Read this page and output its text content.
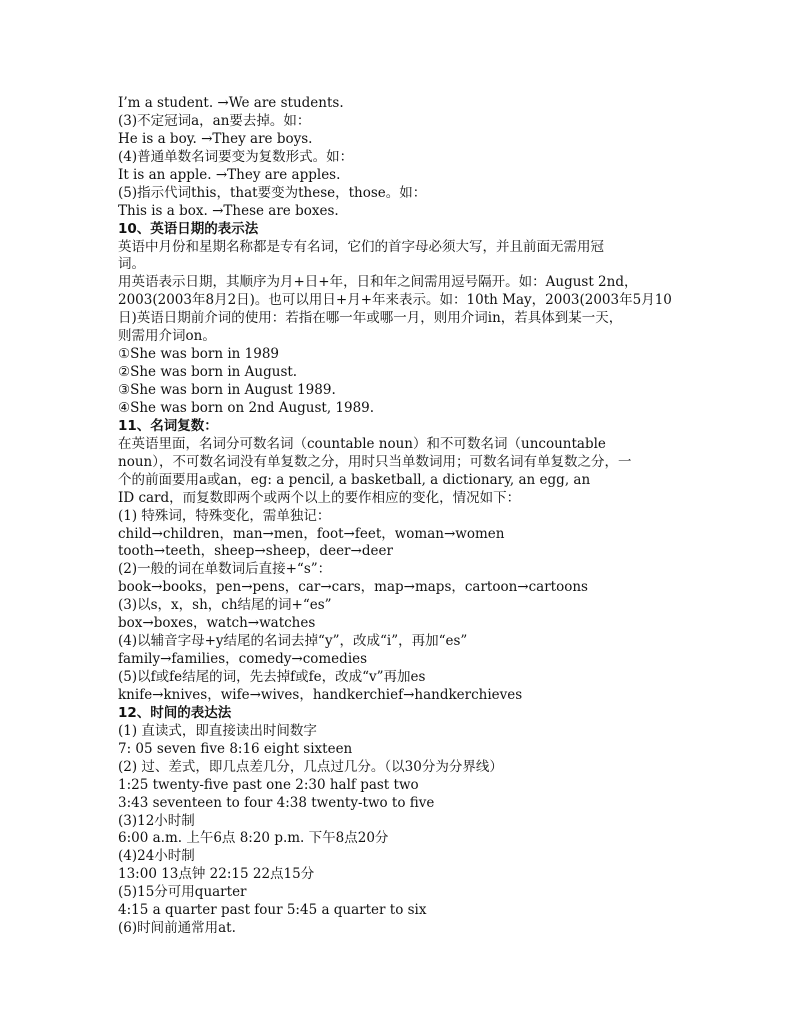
I’m a student. →We are students.
(3)不定冠词a，an要去掉。如：
He is a boy. →They are boys.
(4)普通单数名词要变为复数形式。如：
It is an apple. →They are apples.
(5)指示代词this，that要变为these，those。如：
This is a box. →These are boxes.
10、英语日期的表示法
英语中月份和星期名称都是专有名词，它们的首字母必须大写，并且前面无需用冠
词。
用英语表示日期，其顺序为月+日+年，日和年之间需用逗号隔开。如：August 2nd，
2003(2003年8月2日)。也可以用日+月+年来表示。如：10th May，2003(2003年5月10
日)英语日期前介词的使用：若指在哪一年或哪一月，则用介词in，若具体到某一天，
则需用介词on。
①She was born in 1989
②She was born in August.
③She was born in August 1989.
④She was born on 2nd August, 1989.
11、名词复数：
在英语里面，名词分可数名词（countable noun）和不可数名词（uncountable
noun），不可数名词没有单复数之分，用时只当单数词用；可数名词有单复数之分，一
个的前面要用a或an，eg: a pencil, a basketball, a dictionary, an egg, an
ID card，而复数即两个或两个以上的要作相应的变化，情况如下：
(1) 特殊词，特殊变化，需单独记：
child→children，man→men，foot→feet，woman→women
tooth→teeth，sheep→sheep，deer→deer
(2)一般的词在单数词后直接+“s”：
book→books，pen→pens，car→cars，map→maps，cartoon→cartoons
(3)以s，x，sh，ch结尾的词+“es”
box→boxes，watch→watches
(4)以辅音字母+y结尾的名词去掉“y”，改成“i”，再加“es”
family→families，comedy→comedies
(5)以f或fe结尾的词，先去掉f或fe，改成“v”再加es
knife→knives，wife→wives，handkerchief→handkerchieves
12、时间的表达法
(1) 直读式，即直接读出时间数字
7: 05 seven five 8:16 eight sixteen
(2) 过、差式，即几点差几分，几点过几分。（以30分为分界线）
1:25 twenty-five past one 2:30 half past two
3:43 seventeen to four 4:38 twenty-two to five
(3)12小时制
6:00 a.m. 上午6点 8:20 p.m. 下午8点20分
(4)24小时制
13:00 13点钟 22:15 22点15分
(5)15分可用quarter
4:15 a quarter past four 5:45 a quarter to six
(6)时间前通常用at.
